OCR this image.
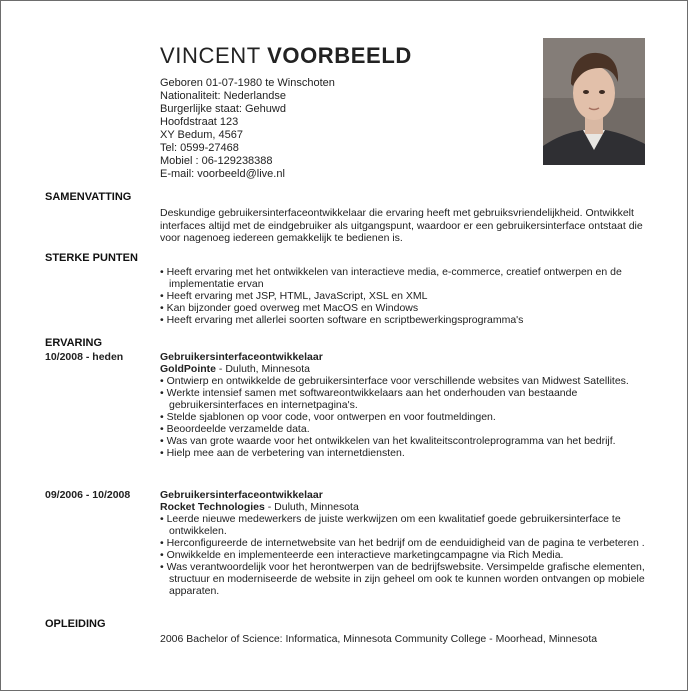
VINCENT VOORBEELD
Geboren 01-07-1980 te Winschoten
Nationaliteit: Nederlandse
Burgerlijke staat: Gehuwd
Hoofdstraat 123
XY Bedum, 4567
Tel: 0599-27468
Mobiel : 06-129238388
E-mail: voorbeeld@live.nl
SAMENVATTING
Deskundige gebruikersinterfaceontwikkelaar die ervaring heeft met gebruiksvriendelijkheid. Ontwikkelt interfaces altijd met de eindgebruiker als uitgangspunt, waardoor er een gebruikersinterface ontstaat die voor nagenoeg iedereen gemakkelijk te bedienen is.
STERKE PUNTEN
• Heeft ervaring met het ontwikkelen van interactieve media, e-commerce, creatief ontwerpen en de implementatie ervan
• Heeft ervaring met JSP, HTML, JavaScript, XSL en XML
• Kan bijzonder goed overweg met MacOS en Windows
• Heeft ervaring met allerlei soorten software en scriptbewerkingsprogramma's
ERVARING
10/2008 - heden	Gebruikersinterfaceontwikkelaar
GoldPointe - Duluth, Minnesota
• Ontwierp en ontwikkelde de gebruikersinterface voor verschillende websites van Midwest Satellites.
• Werkte intensief samen met softwareontwikkelaars aan het onderhouden van bestaande gebruikersinterfaces en internetpagina's.
• Stelde sjablonen op voor code, voor ontwerpen en voor foutmeldingen.
• Beoordeelde verzamelde data.
• Was van grote waarde voor het ontwikkelen van het kwaliteitscontroleprogramma van het bedrijf.
• Hielp mee aan de verbetering van internetdiensten.
09/2006 - 10/2008	Gebruikersinterfaceontwikkelaar
Rocket Technologies - Duluth, Minnesota
• Leerde nieuwe medewerkers de juiste werkwijzen om een kwalitatief goede gebruikersinterface te ontwikkelen.
• Herconfigureerde de internetwebsite van het bedrijf om de eenduidigheid van de pagina te verbeteren .
• Onwikkelde en implementeerde een interactieve marketingcampagne via Rich Media.
• Was verantwoordelijk voor het herontwerpen van de bedrijfswebsite. Versimpelde grafische elementen, structuur en moderniseerde de website in zijn geheel om ook te kunnen worden ontvangen op mobiele apparaten.
OPLEIDING
2006 Bachelor of Science: Informatica, Minnesota Community College - Moorhead, Minnesota
